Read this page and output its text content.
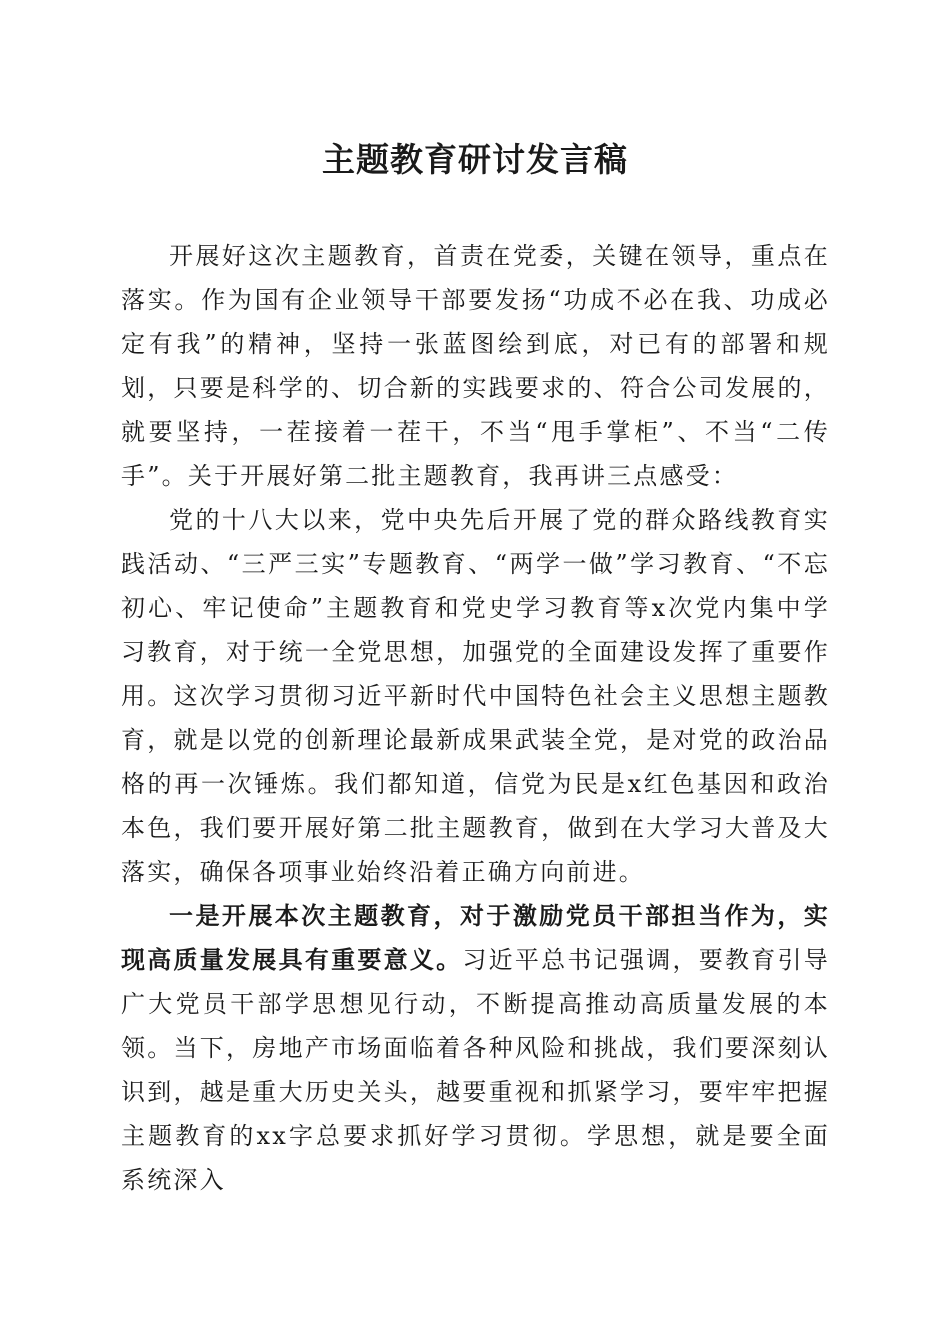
主题教育研讨发言稿

开展好这次主题教育，首责在党委，关键在领导，重点在落实。作为国有企业领导干部要发扬“功成不必在我、功成必定有我”的精神，坚持一张蓝图绘到底，对已有的部署和规划，只要是科学的、切合新的实践要求的、符合公司发展的，就要坚持，一茬接着一茬干，不当“甩手掌柜”、不当“二传手”。关于开展好第二批主题教育，我再讲三点感受：

党的十八大以来，党中央先后开展了党的群众路线教育实践活动、“三严三实”专题教育、“两学一做”学习教育、“不忘初心、牢记使命”主题教育和党史学习教育等x次党内集中学习教育，对于统一全党思想，加强党的全面建设发挥了重要作用。这次学习贯彻习近平新时代中国特色社会主义思想主题教育，就是以党的创新理论最新成果武装全党，是对党的政治品格的再一次锤炼。我们都知道，信党为民是x红色基因和政治本色，我们要开展好第二批主题教育，做到在大学习大普及大落实，确保各项事业始终沿着正确方向前进。

一是开展本次主题教育，对于激励党员干部担当作为，实现高质量发展具有重要意义。习近平总书记强调，要教育引导广大党员干部学思想见行动，不断提高推动高质量发展的本领。当下，房地产市场面临着各种风险和挑战，我们要深刻认识到，越是重大历史关头，越要重视和抓紧学习，要牢牢把握主题教育的xx字总要求抓好学习贯彻。学思想，就是要全面系统深入
